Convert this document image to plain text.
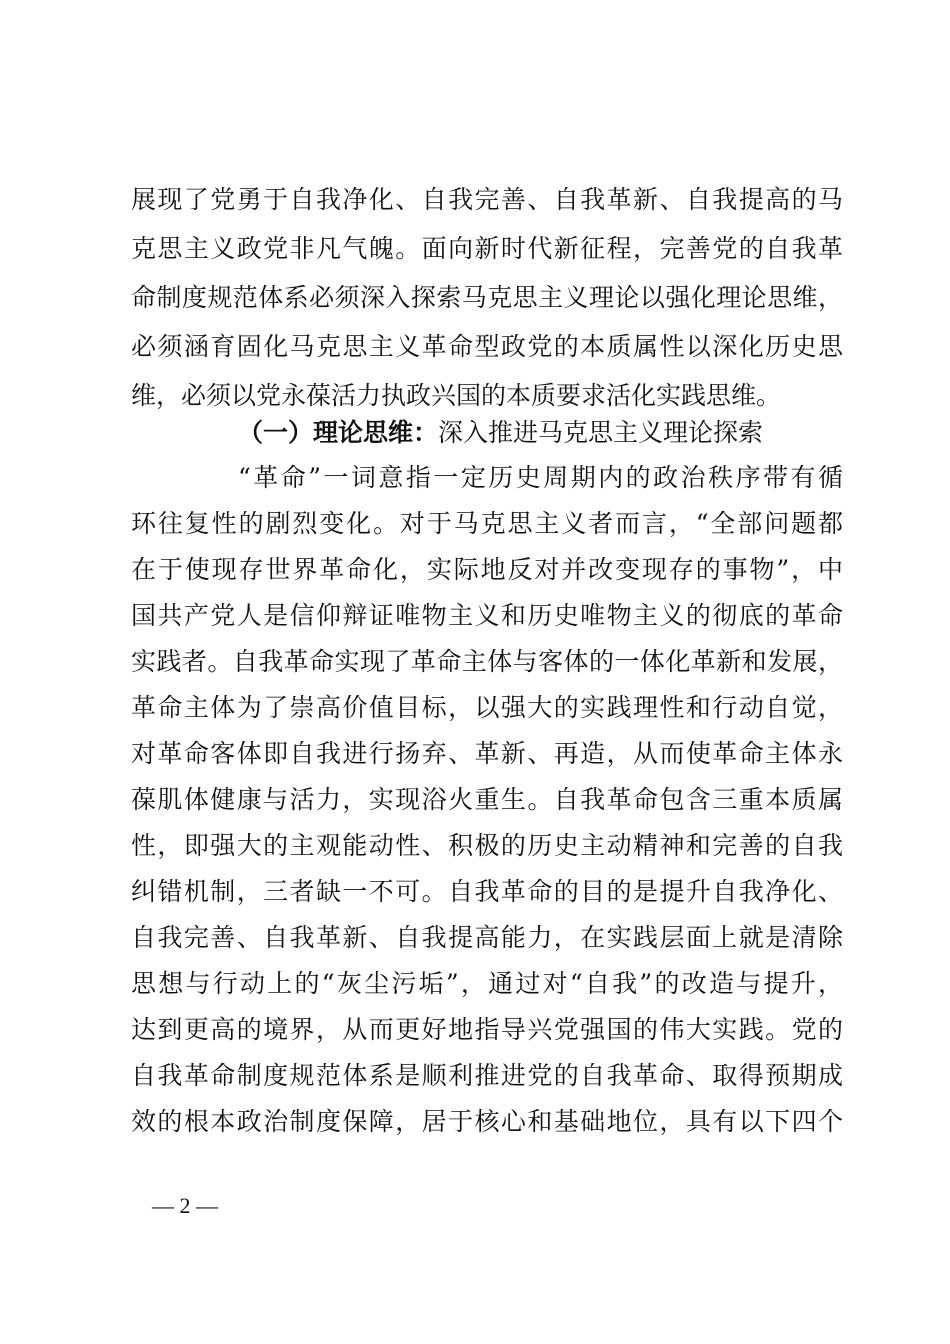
展现了党勇于自我净化、自我完善、自我革新、自我提高的马
克思主义政党非凡气魄。面向新时代新征程，完善党的自我革
命制度规范体系必须深入探索马克思主义理论以强化理论思维，
必须涵育固化马克思主义革命型政党的本质属性以深化历史思
维，必须以党永葆活力执政兴国的本质要求活化实践思维。
（一）理论思维：深入推进马克思主义理论探索
“革命”一词意指一定历史周期内的政治秩序带有循
环往复性的剧烈变化。对于马克思主义者而言，“全部问题都
在于使现存世界革命化，实际地反对并改变现存的事物”，中
国共产党人是信仰辩证唯物主义和历史唯物主义的彻底的革命
实践者。自我革命实现了革命主体与客体的一体化革新和发展，
革命主体为了崇高价值目标，以强大的实践理性和行动自觉，
对革命客体即自我进行扬弃、革新、再造，从而使革命主体永
葆肌体健康与活力，实现浴火重生。自我革命包含三重本质属
性，即强大的主观能动性、积极的历史主动精神和完善的自我
纠错机制，三者缺一不可。自我革命的目的是提升自我净化、
自我完善、自我革新、自我提高能力，在实践层面上就是清除
思想与行动上的“灰尘污垢”，通过对“自我”的改造与提升，
达到更高的境界，从而更好地指导兴党强国的伟大实践。党的
自我革命制度规范体系是顺利推进党的自我革命、取得预期成
效的根本政治制度保障，居于核心和基础地位，具有以下四个
— 2 —
